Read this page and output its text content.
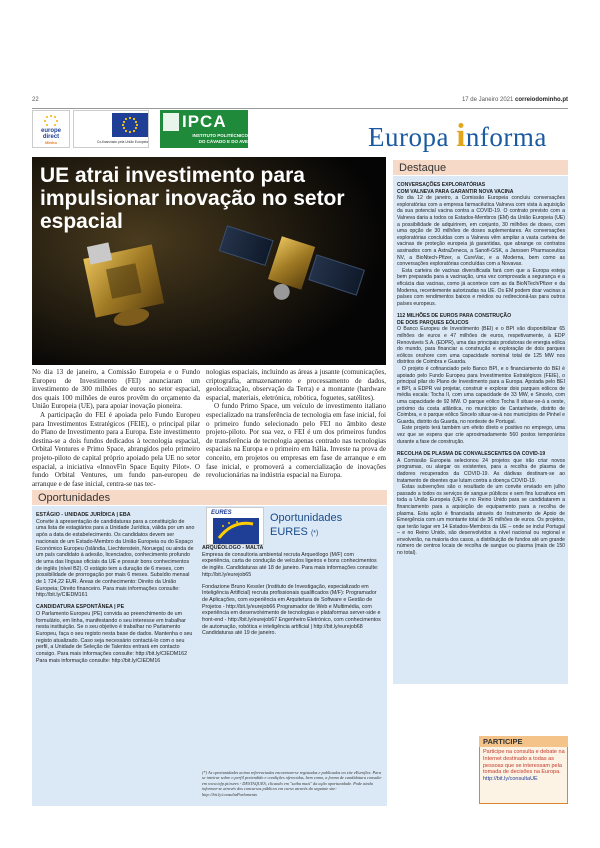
22	17 de Janeiro 2021 correiodominho.pt
europe
direct
Minho	Co-financiado pela União Europeia
IPCA
INSTITUTO POLITÉCNICO
DO CÁVADO E DO AVE	Europa informa
UE atrai investimento para impulsionar inovação no setor espacial

No dia 13 de janeiro, a Comissão Europeia e o Fundo Europeu de Investimento (FEI) anunciaram um investimento de 300 milhões de euros no setor espacial, dos quais 100 milhões de euros provêm do orçamento da União Europeia (UE), para apoiar inovação pioneira.

A participação do FEI é apoiada pelo Fundo Europeu para Investimentos Estratégicos (FEIE), o principal pilar do Plano de Investimento para a Europa. Este investimento destina-se a dois fundos dedicados à tecnologia espacial, Orbital Ventures e Primo Space, abrangidos pelo primeiro projeto-piloto de capital próprio apoiado pela UE no setor espacial, a iniciativa «InnovFin Space Equity Pilot». O fundo Orbital Ventures, um fundo pan-europeu de arranque e de fase inicial, centra-se nas tec-

nologias espaciais, incluindo as áreas a jusante (comunicações, criptografia, armazenamento e processamento de dados, geolocalização, observação da Terra) e a montante (hardware espacial, materiais, eletrónica, robótica, foguetes, satélites).

O fundo Primo Space, um veículo de investimento italiano especializado na transferência de tecnologia em fase inicial, foi o primeiro fundo selecionado pelo FEI no âmbito deste projeto-piloto. Por sua vez, o FEI é um dos primeiros fundos de transferência de tecnologia apenas centrado nas tecnologias espaciais na Europa e o primeiro em Itália. Investe na prova de conceito, em projetos ou empresas em fase de arranque e em fase inicial, e promoverá a comercialização de inovações revolucionárias na indústria espacial na Europa.

Destaque
CONVERSAÇÕES EXPLORATÓRIAS
COM VALNEVA PARA GARANTIR NOVA VACINA

No dia 12 de janeiro, a Comissão Europeia concluiu conversações exploratórias com a empresa farmacêutica Valneva com vista à aquisição da sua potencial vacina contra a COVID-19. O contrato previsto com a Valneva daria a todos os Estados-Membros (EM) da União Europeia (UE) a possibilidade de adquirirem, em conjunto, 30 milhões de doses, com uma opção de 30 milhões de doses suplementares. As conversações exploratórias concluídas com a Valneva vêm ampliar a vasta carteira de vacinas de proteção europeia já garantidas, que abrange os contratos assinados com a AstraZeneca, a Sanofi-GSK, a Janssen Pharmaceutica NV, a BioNtech-Pfizer, a CureVac, e a Moderna, bem como as conversações exploratórias concluídas com a Novavax.

Esta carteira de vacinas diversificada fará com que a Europa esteja bem preparada para a vacinação, uma vez comprovada a segurança e a eficácia das vacinas, como já acontece com as da BioNTech/Pfizer e da Moderna, recentemente autorizadas na UE. Os EM podem doar vacinas a países com rendimentos baixos e médios ou redirecioná-las para outros países europeus.

112 MILHÕES DE EUROS PARA CONSTRUÇÃO
DE DOIS PARQUES EÓLICOS

O Banco Europeu de Investimento (BEI) e o BPI vão disponibilizar 65 milhões de euros e 47 milhões de euros, respetivamente, à EDP Renováveis S.A. (EDPR), uma das principais produtoras de energia eólica do mundo, para financiar a construção e exploração de dois parques eólicos onshore com uma capacidade nominal total de 125 MW nos distritos de Coimbra e Guarda.

O projeto é cofinanciado pelo Banco BPI, e o financiamento do BEI é apoiado pelo Fundo Europeu para Investimentos Estratégicos (FEIE), o principal pilar do Plano de Investimento para a Europa. Apoiada pelo BEI e BPI, a EDPR vai projetar, construir e explorar dois parques eólicos de média escala: Tocha II, com uma capacidade de 33 MW, e Sincelo, com uma capacidade de 92 MW. O parque eólico Tocha II situar-se-á a oeste, próximo da costa atlântica, no município de Cantanhede, distrito de Coimbra, e o parque eólico Sincelo situar-se-á nos municípios de Pinhel e Guarda, distrito da Guarda, no nordeste de Portugal.

Este projeto terá também um efeito direto e positivo no emprego, uma vez que se espera que crie aproximadamente 560 postos temporários durante a fase de construção.

RECOLHA DE PLASMA DE CONVALESCENTES DA COVID-19

A Comissão Europeia selecionou 24 projetos que irão criar novos programas, ou alargar os existentes, para a recolha de plasma de dadores recuperados da COVID-19. As dádivas destinam-se ao tratamento de doentes que lutam contra a doença COVID-19.

Estas subvenções são o resultado de um convite enviado em julho passado a todos os serviços de sangue públicos e sem fins lucrativos em toda a União Europeia (UE) e no Reino Unido para se candidatarem a financiamento para a aquisição de equipamento para a recolha de plasma. Esta ação é financiada através do Instrumento de Apoio de Emergência com um montante total de 36 milhões de euros. Os projetos, que terão lugar em 14 Estados-Membros da UE – onde se inclui Portugal – e no Reino Unido, são desenvolvidos a nível nacional ou regional e envolverão, na maioria dos casos, a distribuição de fundos até um grande número de centros locais de recolha de sangue ou plasma (mais de 150 no total).

Oportunidades
ESTÁGIO - UNIDADE JURÍDICA | EBA
Convite à apresentação de candidaturas para a constituição de uma lista de estagiários para a Unidade Jurídica, válida por um ano após a data de estabelecimento. Os candidatos devem ser nacionais de um Estado-Membro da União Europeia ou do Espaço Económico Europeu (Islândia, Liechtenstein, Noruega) ou ainda de um país candidato à adesão, licenciados, conhecimento profundo de uma das línguas oficiais da UE e possuir bons conhecimentos de inglês (nível B2). O estágio tem a duração de 6 meses, com possibilidade de prorrogação por mais 6 meses. Subsídio mensal de 1 724,22 EUR. Áreas de conhecimento: Direito da União Europeia; Direito financeiro. Para mais informações consulte: http://bit.ly/CIEDM161
CANDIDATURA ESPONTÂNEA | PE
O Parlamento Europeu (PE) convida ao preenchimento de um formulário, em linha, manifestando o seu interesse em trabalhar nesta instituição. Se o seu objetivo é trabalhar no Parlamento Europeu, faça o seu registo nesta base de dados. Mantenha o seu registo atualizado. Caso seja necessário contactá-lo com o seu perfil, a Unidade de Seleção de Talentos entrará em contacto consigo. Para mais informações consulte: http://bit.ly/CIEDM162 Para mais informação consulte: http://bit.ly/CIEDM16
EURES	Oportunidades
EURES (*)
ARQUÉOLOGO - MALTA
Empresa de consultoria ambiental recruta Arqueólogo (M/F) com experiência, carta de condução de veículos ligeiros e bons conhecimentos de inglês. Candidaturas até 18 de janeiro. Para mais informações consulte: http://bit.ly/eurejob65
Fondazione Bruno Kessler (Instituto de Investigação, especializado em Inteligência Artificial) recruta profissionais qualificados (M/F): Programador de Aplicações, com experiência em Arquitetura de Software e Gestão de Projetos - http://bit.ly/eurejob66 Programador de Web e Multimédia, com experiência em desenvolvimento de tecnologias e plataformas server-side e front-end - http://bit.ly/eurejob67 Engenheiro Eletrónico, com conhecimentos de automação, robótica e inteligência artificial | http://bit.ly/eurejob68 Candidaturas até 19 de janeiro.
(*) As oportunidades acima referenciadas encontram-se registadas e publicadas no site eEuroflex. Para se inteirar sobre o perfil pretendido e condições oferecidas, bem como, a forma de candidatura consulte em www.iefp.pt/eures - DESTAQUES, clicando em "saiba mais" da ação oportunidade. Pode ainda informar-se através dos concursos públicos em curso através do seguinte site: http://bit.ly/consultaParlamento
PARTICIPE
Participe na consulta e debate na Internet destinado a todas as pessoas que se interessam pela tomada de decisões na Europa.
http://bit.ly/consultaUE
